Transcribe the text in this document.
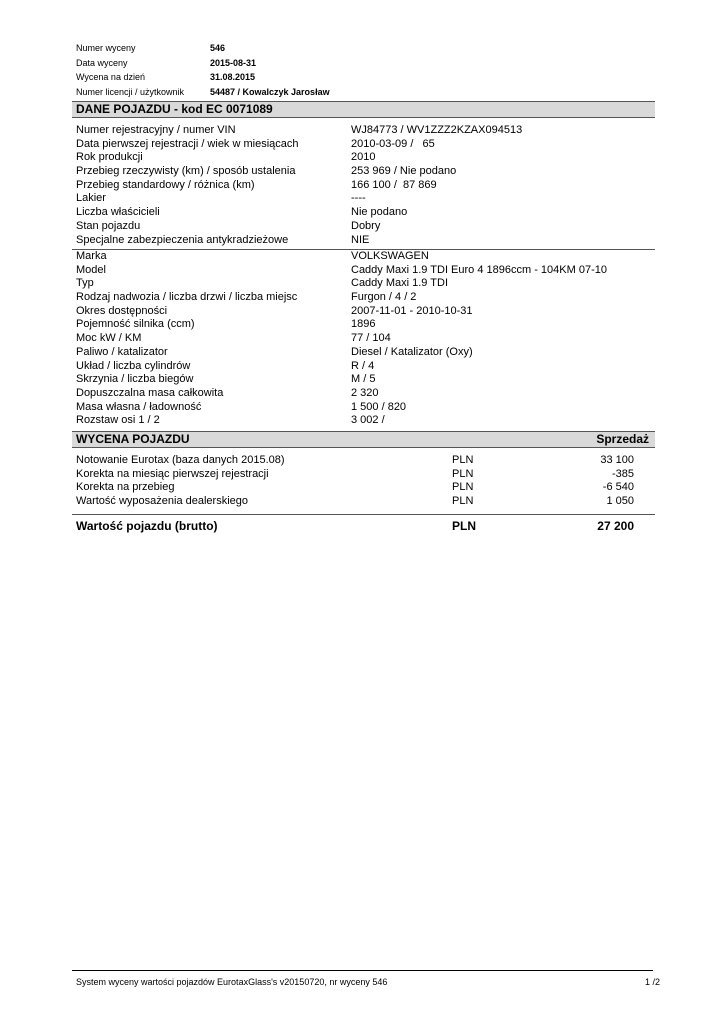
Numer wyceny	546
Data wyceny	2015-08-31
Wycena na dzień	31.08.2015
Numer licencji / użytkownik	54487 / Kowalczyk Jarosław
DANE POJAZDU - kod EC 0071089
Numer rejestracyjny / numer VIN	WJ84773 / WV1ZZZ2KZAX094513
Data pierwszej rejestracji / wiek w miesiącach	2010-03-09 /   65
Rok produkcji	2010
Przebieg rzeczywisty (km) / sposób ustalenia	253 969 / Nie podano
Przebieg standardowy / różnica (km)	166 100 /  87 869
Lakier	----
Liczba właścicieli	Nie podano
Stan pojazdu	Dobry
Specjalne zabezpieczenia antykradzieżowe	NIE
Marka	VOLKSWAGEN
Model	Caddy Maxi 1.9 TDI Euro 4 1896ccm - 104KM 07-10
Typ	Caddy Maxi 1.9 TDI
Rodzaj nadwozia / liczba drzwi / liczba miejsc	Furgon / 4 / 2
Okres dostępności	2007-11-01 - 2010-10-31
Pojemność silnika (ccm)	1896
Moc kW / KM	77 / 104
Paliwo / katalizator	Diesel / Katalizator (Oxy)
Układ / liczba cylindrów	R / 4
Skrzynia / liczba biegów	M / 5
Dopuszczalna masa całkowita	2 320
Masa własna / ładowność	1 500 / 820
Rozstaw osi 1 / 2	3 002 /
WYCENA POJAZDU	Sprzedaż
Notowanie Eurotax (baza danych 2015.08)	PLN	33 100
Korekta na miesiąc pierwszej rejestracji	PLN	-385
Korekta na przebieg	PLN	-6 540
Wartość wyposażenia dealerskiego	PLN	1 050
Wartość pojazdu (brutto)	PLN	27 200
System wyceny wartości pojazdów EurotaxGlass's v20150720, nr wyceny 546	1 /2
